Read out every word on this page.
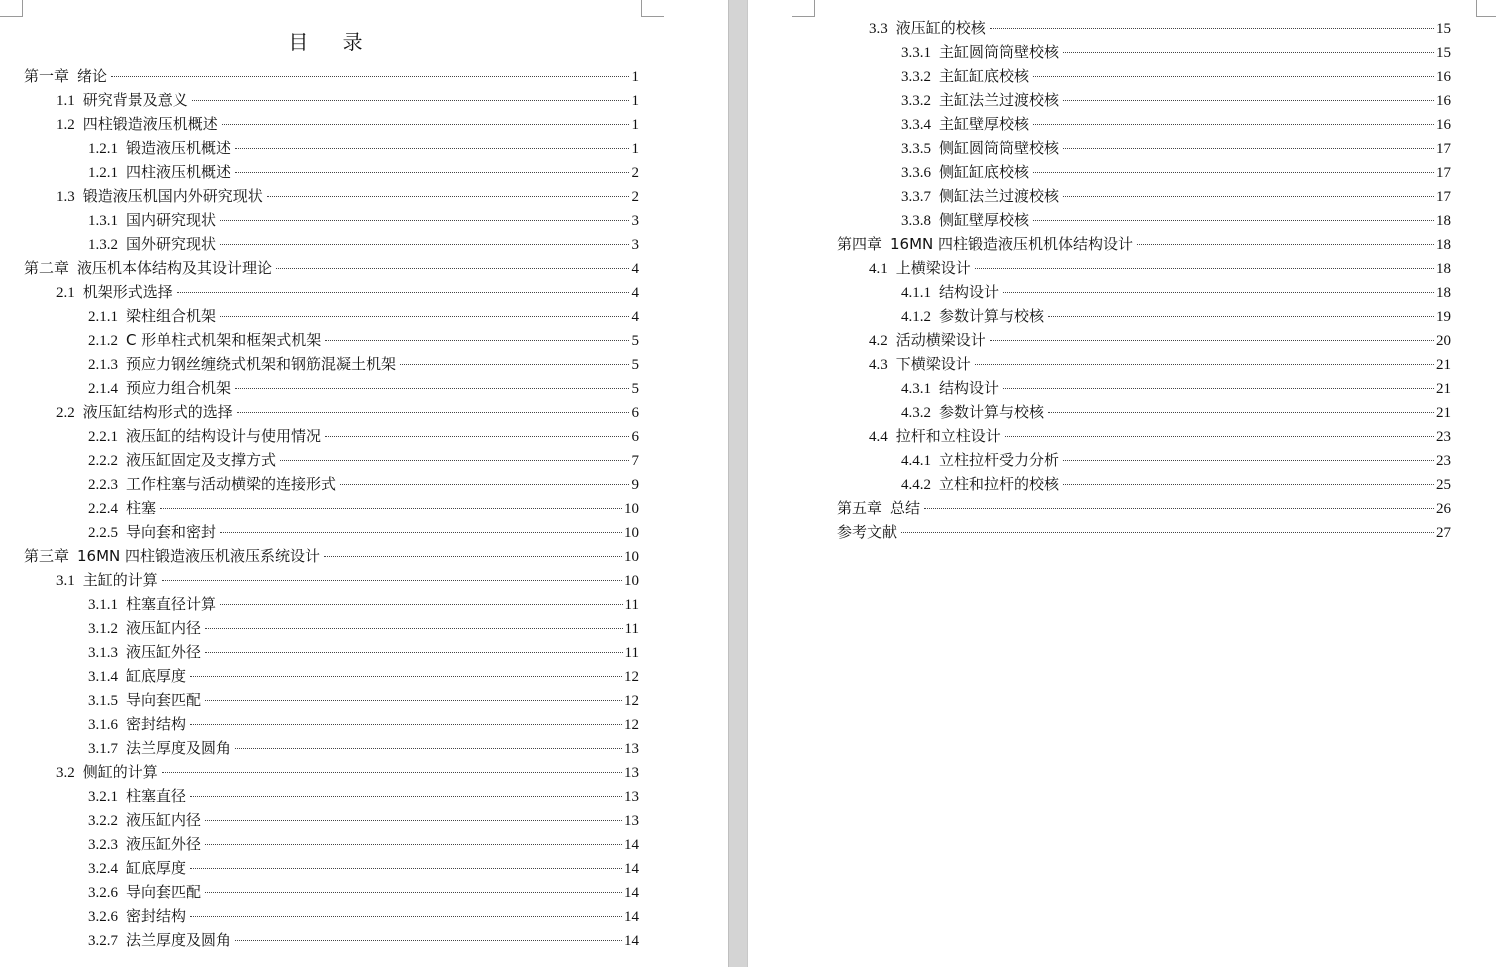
目 录
第一章 绪论	1
1.1 研究背景及意义	1
1.2 四柱锻造液压机概述	1
1.2.1 锻造液压机概述	1
1.2.1 四柱液压机概述	2
1.3 锻造液压机国内外研究现状	2
1.3.1 国内研究现状	3
1.3.2 国外研究现状	3
第二章 液压机本体结构及其设计理论	4
2.1 机架形式选择	4
2.1.1 梁柱组合机架	4
2.1.2 C 形单柱式机架和框架式机架	5
2.1.3 预应力钢丝缠绕式机架和钢筋混凝土机架	5
2.1.4 预应力组合机架	5
2.2 液压缸结构形式的选择	6
2.2.1 液压缸的结构设计与使用情况	6
2.2.2 液压缸固定及支撑方式	7
2.2.3 工作柱塞与活动横梁的连接形式	9
2.2.4 柱塞	10
2.2.5 导向套和密封	10
第三章 16MN 四柱锻造液压机液压系统设计	10
3.1 主缸的计算	10
3.1.1 柱塞直径计算	11
3.1.2 液压缸内径	11
3.1.3 液压缸外径	11
3.1.4 缸底厚度	12
3.1.5 导向套匹配	12
3.1.6 密封结构	12
3.1.7 法兰厚度及圆角	13
3.2 侧缸的计算	13
3.2.1 柱塞直径	13
3.2.2 液压缸内径	13
3.2.3 液压缸外径	14
3.2.4 缸底厚度	14
3.2.6 导向套匹配	14
3.2.6 密封结构	14
3.2.7 法兰厚度及圆角	14
3.3 液压缸的校核	15
3.3.1 主缸圆筒筒壁校核	15
3.3.2 主缸缸底校核	16
3.3.2 主缸法兰过渡校核	16
3.3.4 主缸壁厚校核	16
3.3.5 侧缸圆筒筒壁校核	17
3.3.6 侧缸缸底校核	17
3.3.7 侧缸法兰过渡校核	17
3.3.8 侧缸壁厚校核	18
第四章 16MN 四柱锻造液压机机体结构设计	18
4.1 上横梁设计	18
4.1.1 结构设计	18
4.1.2 参数计算与校核	19
4.2 活动横梁设计	20
4.3 下横梁设计	21
4.3.1 结构设计	21
4.3.2 参数计算与校核	21
4.4 拉杆和立柱设计	23
4.4.1 立柱拉杆受力分析	23
4.4.2 立柱和拉杆的校核	25
第五章 总结	26
参考文献	27
